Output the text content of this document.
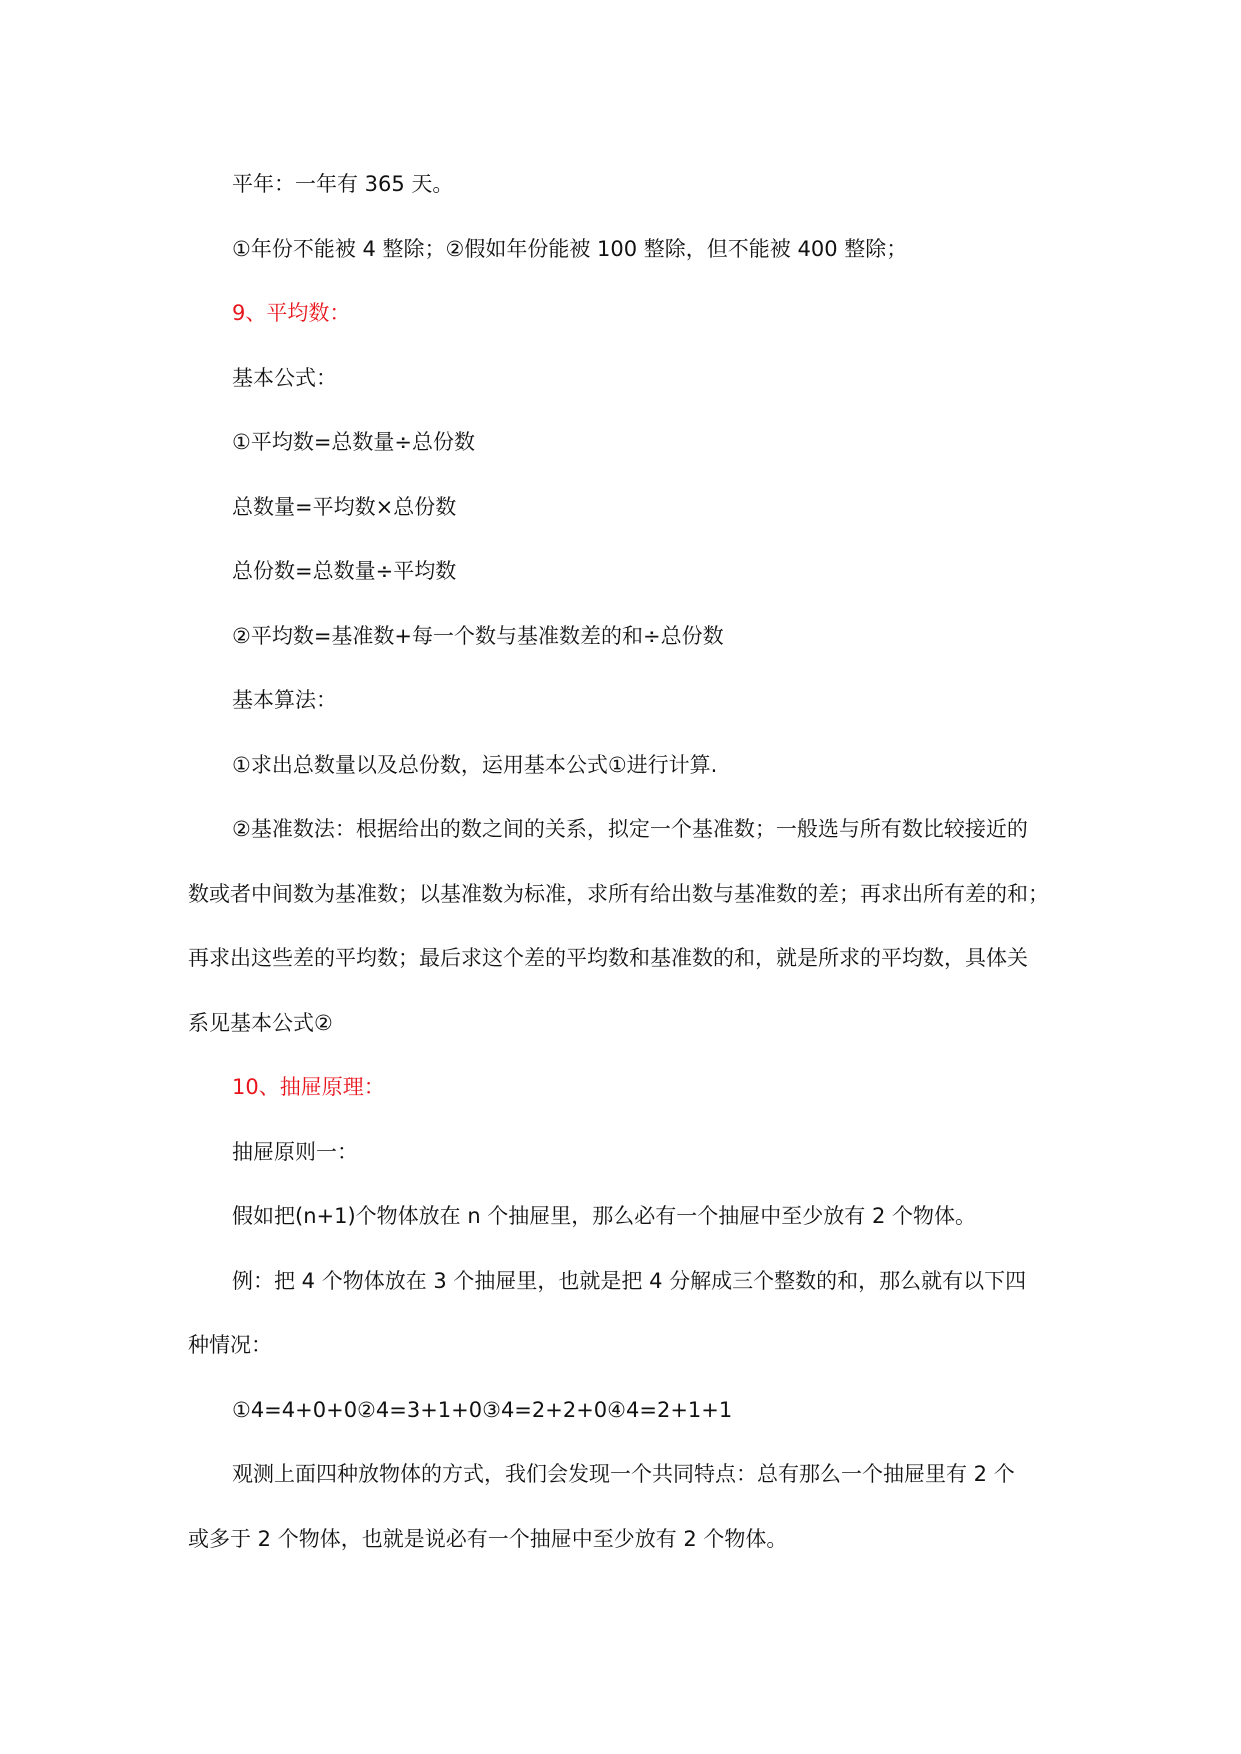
平年：一年有 365 天。
①年份不能被 4 整除；②假如年份能被 100 整除，但不能被 400 整除；
9、平均数：
基本公式：
①平均数=总数量÷总份数
总数量=平均数×总份数
总份数=总数量÷平均数
②平均数=基准数+每一个数与基准数差的和÷总份数
基本算法：
①求出总数量以及总份数，运用基本公式①进行计算.
②基准数法：根据给出的数之间的关系，拟定一个基准数；一般选与所有数比较接近的
数或者中间数为基准数；以基准数为标准，求所有给出数与基准数的差；再求出所有差的和；
再求出这些差的平均数；最后求这个差的平均数和基准数的和，就是所求的平均数，具体关
系见基本公式②
10、抽屉原理：
抽屉原则一：
假如把(n+1)个物体放在 n 个抽屉里，那么必有一个抽屉中至少放有 2 个物体。
例：把 4 个物体放在 3 个抽屉里，也就是把 4 分解成三个整数的和，那么就有以下四
种情况：
①4=4+0+0②4=3+1+0③4=2+2+0④4=2+1+1
观测上面四种放物体的方式，我们会发现一个共同特点：总有那么一个抽屉里有 2 个
或多于 2 个物体，也就是说必有一个抽屉中至少放有 2 个物体。
